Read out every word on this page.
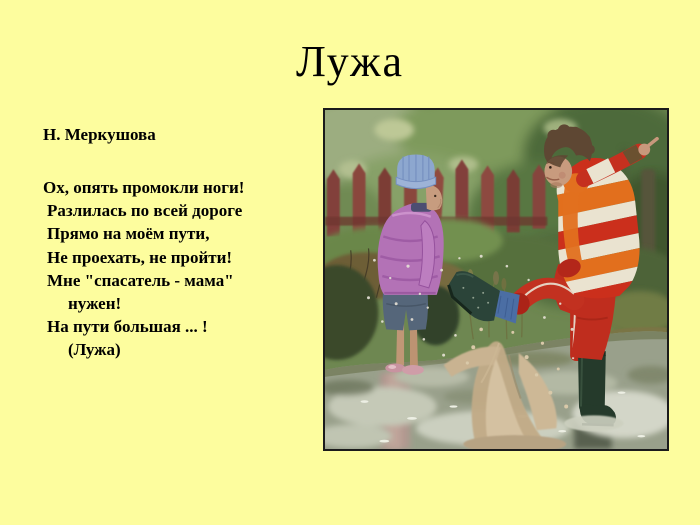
Лужа
Н. Меркушова
Ох, опять промокли ноги!
Разлилась по всей дороге
Прямо на моём пути,
Не проехать, не пройти!
Мне "спасатель - мама"
нужен!
На пути большая ... !
(Лужа)
